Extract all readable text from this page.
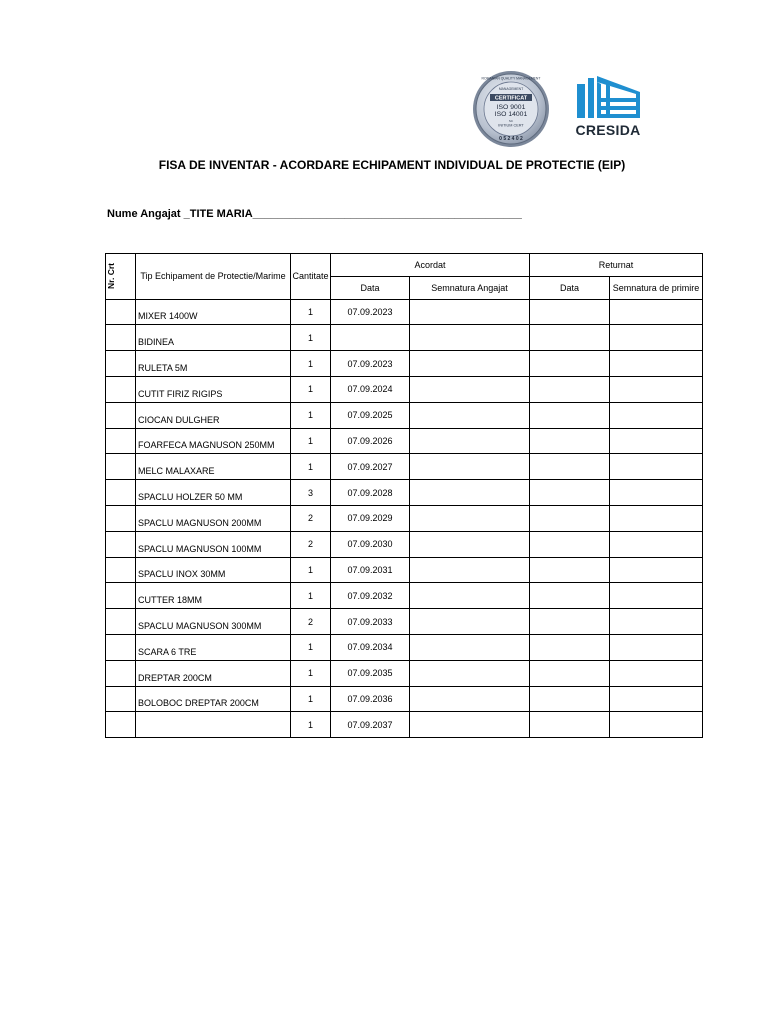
ROMANIAN QUALITY MANAGEMENT
MANAGEMENT
CERTIFICAT
ISO 9001
ISO 14001
SC
INITIUM CERT
0 5 2 4 0 2
CRESIDA
FISA DE INVENTAR - ACORDARE ECHIPAMENT INDIVIDUAL DE PROTECTIE (EIP)
Nume Angajat _TITE MARIA____________________________________________
Nr. Crt	Tip Echipament de Protectie/Marime	Cantitate	Acordat		Returnat	
			Data	Semnatura Angajat	Data	Semnatura de primire
	MIXER 1400W	1	07.09.2023			
	BIDINEA	1				
	RULETA 5M	1	07.09.2023			
	CUTIT FIRIZ RIGIPS	1	07.09.2024			
	CIOCAN DULGHER	1	07.09.2025			
	FOARFECA MAGNUSON 250MM	1	07.09.2026			
	MELC MALAXARE	1	07.09.2027			
	SPACLU HOLZER 50 MM	3	07.09.2028			
	SPACLU MAGNUSON 200MM	2	07.09.2029			
	SPACLU MAGNUSON 100MM	2	07.09.2030			
	SPACLU INOX 30MM	1	07.09.2031			
	CUTTER 18MM	1	07.09.2032			
	SPACLU MAGNUSON 300MM	2	07.09.2033			
	SCARA 6 TRE	1	07.09.2034			
	DREPTAR 200CM	1	07.09.2035			
	BOLOBOC DREPTAR 200CM	1	07.09.2036			
		1	07.09.2037			
